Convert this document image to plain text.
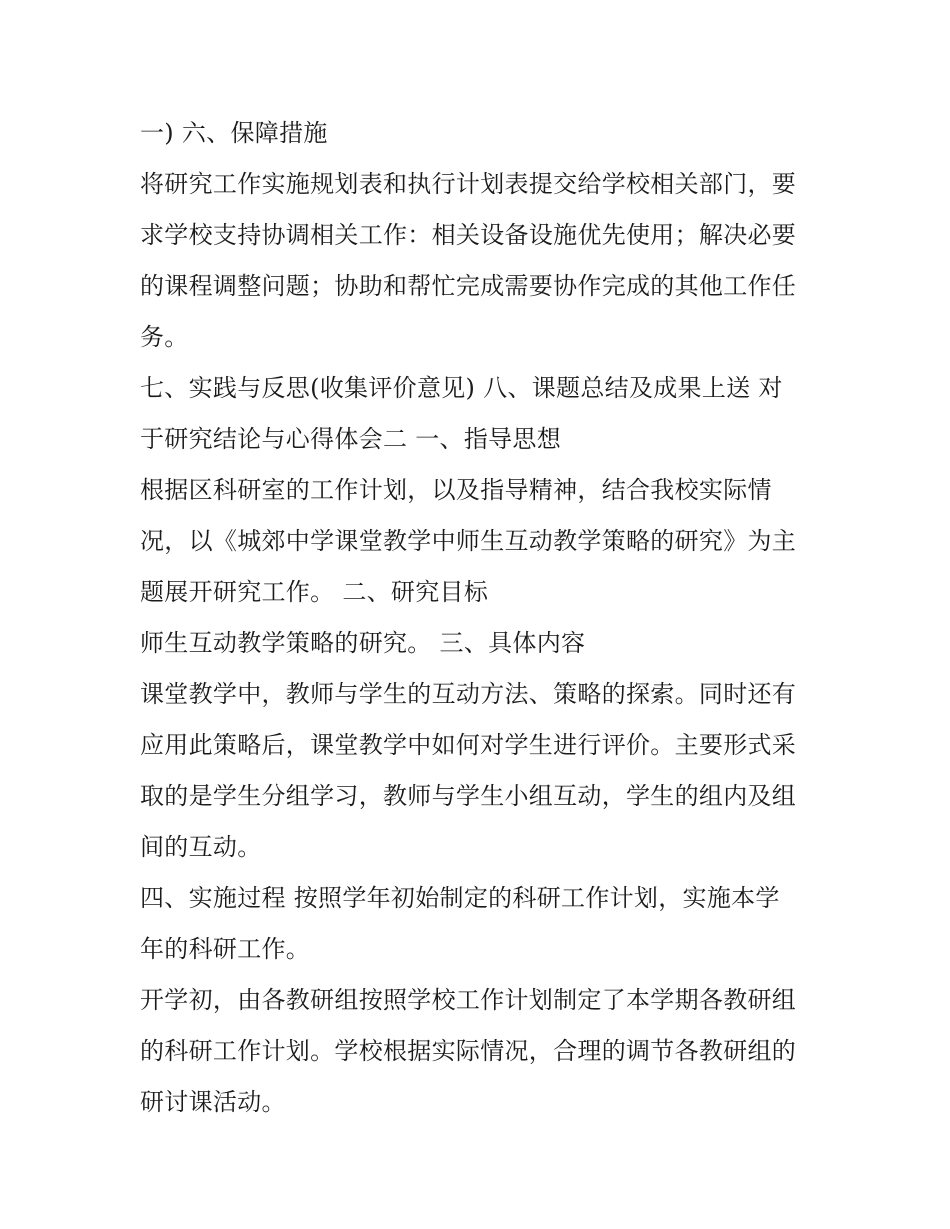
一) 六、保障措施
将研究工作实施规划表和执行计划表提交给学校相关部门，要
求学校支持协调相关工作：相关设备设施优先使用；解决必要
的课程调整问题；协助和帮忙完成需要协作完成的其他工作任
务。
七、实践与反思(收集评价意见) 八、课题总结及成果上送 对
于研究结论与心得体会二 一、指导思想
根据区科研室的工作计划，以及指导精神，结合我校实际情
况，以《城郊中学课堂教学中师生互动教学策略的研究》为主
题展开研究工作。 二、研究目标
师生互动教学策略的研究。 三、具体内容
课堂教学中，教师与学生的互动方法、策略的探索。同时还有
应用此策略后，课堂教学中如何对学生进行评价。主要形式采
取的是学生分组学习，教师与学生小组互动，学生的组内及组
间的互动。
四、实施过程 按照学年初始制定的科研工作计划，实施本学
年的科研工作。
开学初，由各教研组按照学校工作计划制定了本学期各教研组
的科研工作计划。学校根据实际情况，合理的调节各教研组的
研讨课活动。
